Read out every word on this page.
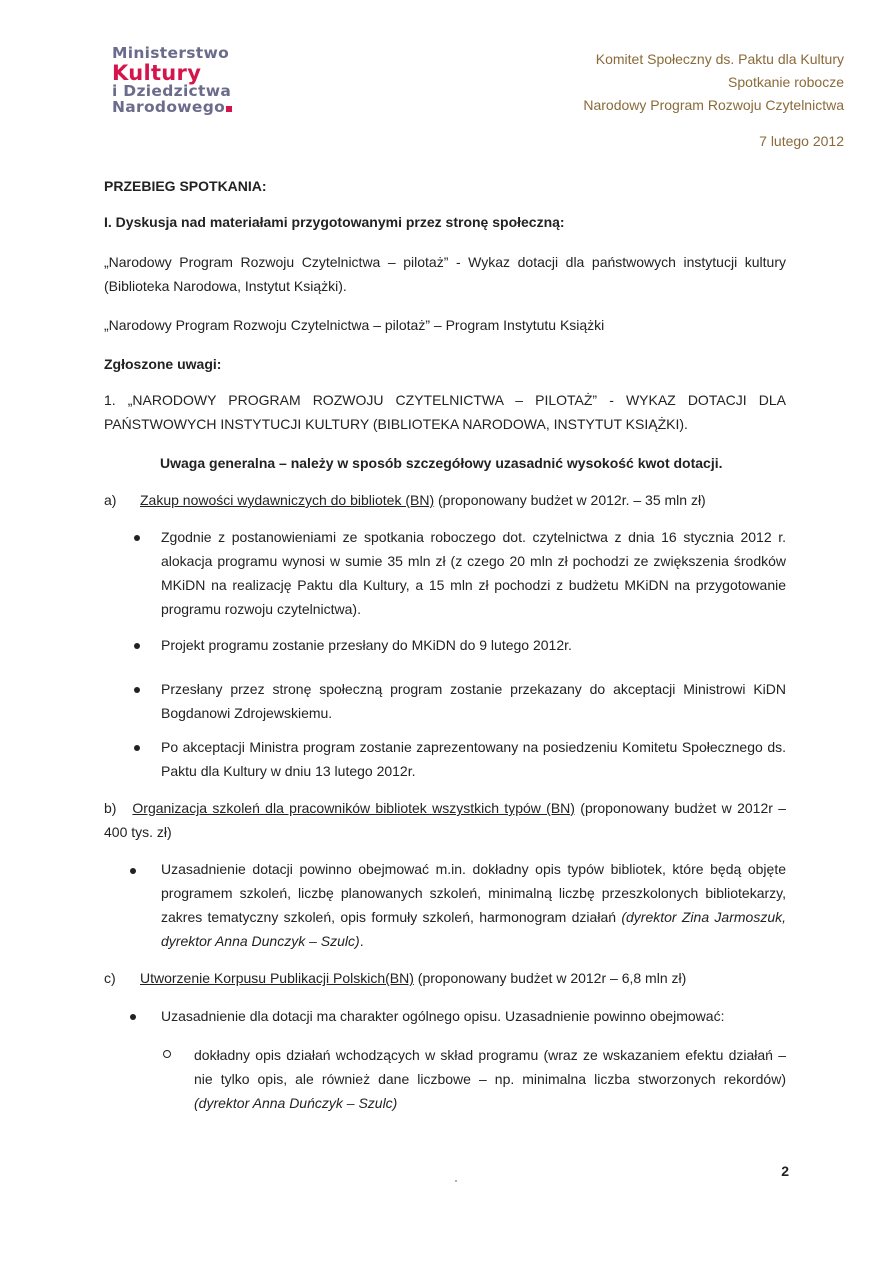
Ministerstwo
Kultury
i Dziedzictwa
Narodowego
Komitet Społeczny ds. Paktu dla Kultury
Spotkanie robocze
Narodowy Program Rozwoju Czytelnictwa
7 lutego 2012
PRZEBIEG SPOTKANIA:
I. Dyskusja nad materiałami przygotowanymi przez stronę społeczną:
„Narodowy Program Rozwoju Czytelnictwa – pilotaż” - Wykaz dotacji dla państwowych instytucji kultury (Biblioteka Narodowa, Instytut Książki).
„Narodowy Program Rozwoju Czytelnictwa – pilotaż” – Program Instytutu Książki
Zgłoszone uwagi:
1. „NARODOWY PROGRAM ROZWOJU CZYTELNICTWA – PILOTAŻ” - WYKAZ DOTACJI DLA PAŃSTWOWYCH INSTYTUCJI KULTURY (BIBLIOTEKA NARODOWA, INSTYTUT KSIĄŻKI).
Uwaga generalna – należy w sposób szczegółowy uzasadnić wysokość kwot dotacji.
a) Zakup nowości wydawniczych do bibliotek (BN) (proponowany budżet w 2012r. – 35 mln zł)
Zgodnie z postanowieniami ze spotkania roboczego dot. czytelnictwa z dnia 16 stycznia 2012 r. alokacja programu wynosi w sumie 35 mln zł (z czego 20 mln zł pochodzi ze zwiększenia środków MKiDN na realizację Paktu dla Kultury, a 15 mln zł pochodzi z budżetu MKiDN na przygotowanie programu rozwoju czytelnictwa).
Projekt programu zostanie przesłany do MKiDN do 9 lutego 2012r.
Przesłany przez stronę społeczną program zostanie przekazany do akceptacji Ministrowi KiDN Bogdanowi Zdrojewskiemu.
Po akceptacji Ministra program zostanie zaprezentowany na posiedzeniu Komitetu Społecznego ds. Paktu dla Kultury w dniu 13 lutego 2012r.
b) Organizacja szkoleń dla pracowników bibliotek wszystkich typów (BN) (proponowany budżet w 2012r – 400 tys. zł)
Uzasadnienie dotacji powinno obejmować m.in. dokładny opis typów bibliotek, które będą objęte programem szkoleń, liczbę planowanych szkoleń, minimalną liczbę przeszkolonych bibliotekarzy, zakres tematyczny szkoleń, opis formuły szkoleń, harmonogram działań (dyrektor Zina Jarmoszuk, dyrektor Anna Dunczyk – Szulc).
c) Utworzenie Korpusu Publikacji Polskich(BN) (proponowany budżet w 2012r – 6,8 mln zł)
Uzasadnienie dla dotacji ma charakter ogólnego opisu. Uzasadnienie powinno obejmować:
dokładny opis działań wchodzących w skład programu (wraz ze wskazaniem efektu działań – nie tylko opis, ale również dane liczbowe – np. minimalna liczba stworzonych rekordów) (dyrektor Anna Duńczyk – Szulc)
2
